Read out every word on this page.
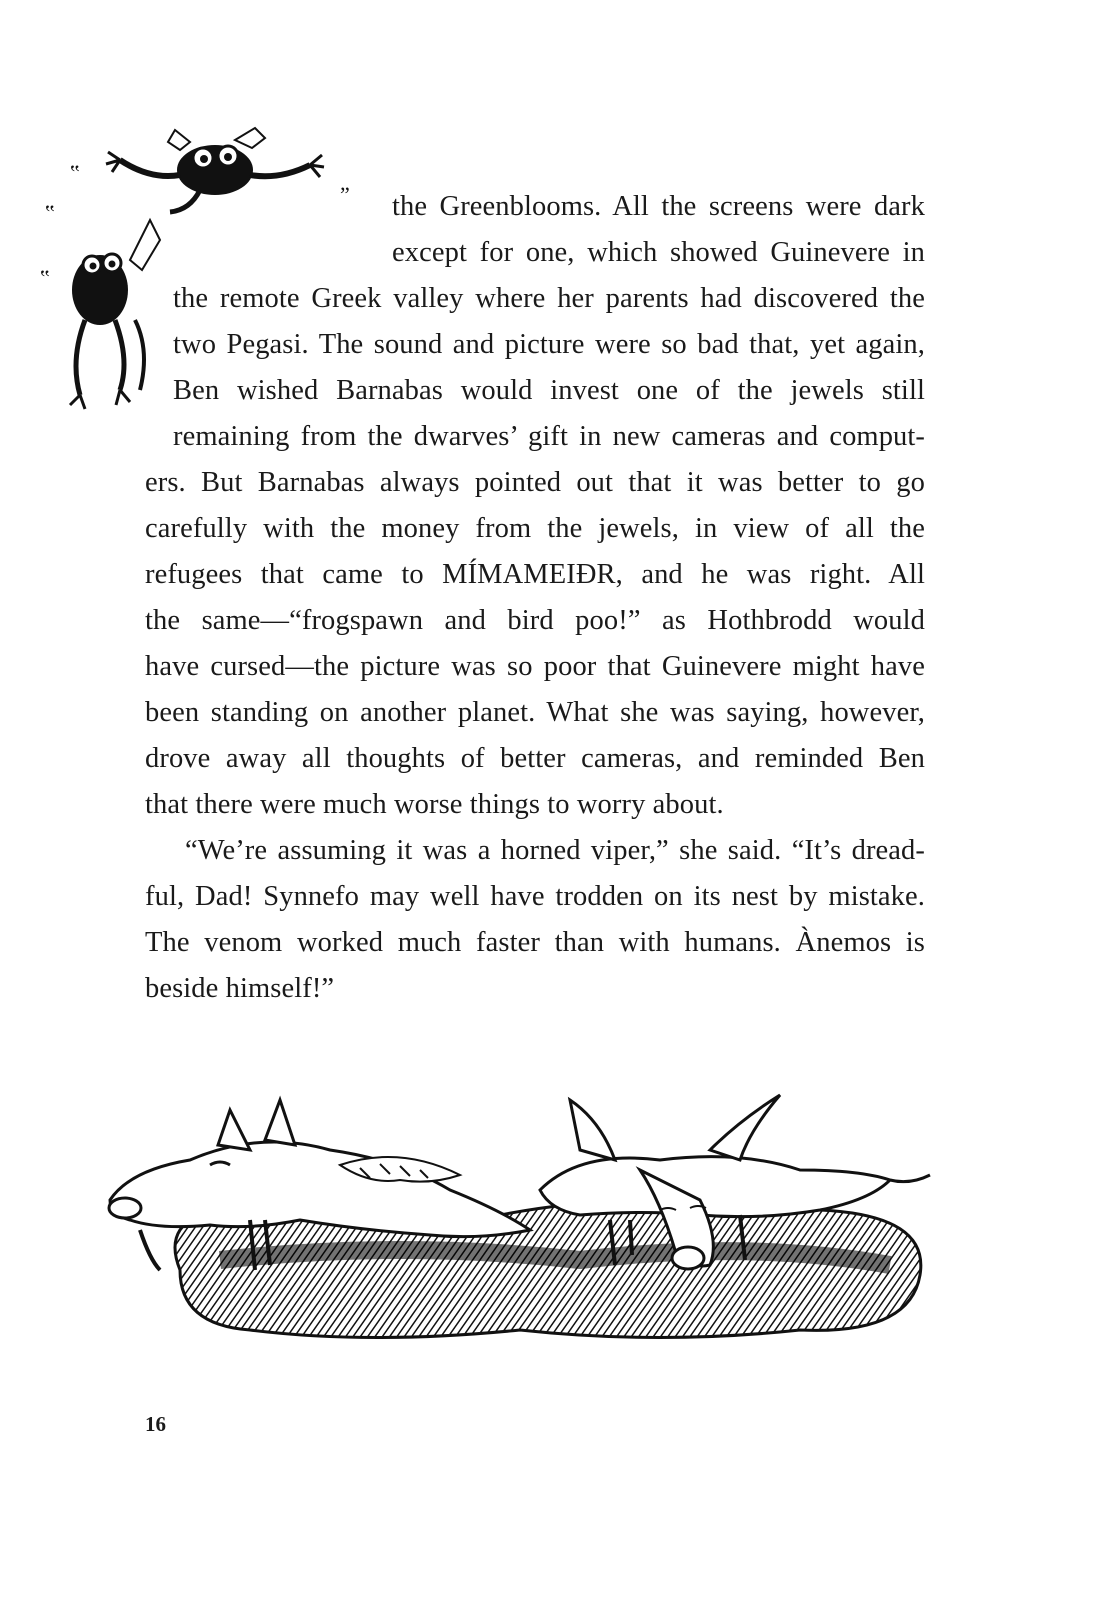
‟	„
‟
‟
the Greenblooms. All the screens were dark
except for one, which showed Guinevere in
the remote Greek valley where her parents had discovered the
two Pegasi. The sound and picture were so bad that, yet again,
Ben wished Barnabas would invest one of the jewels still
remaining from the dwarves’ gift in new cameras and comput-
ers. But Barnabas always pointed out that it was better to go
carefully with the money from the jewels, in view of all the
refugees that came to MÍMAMEIÐR, and he was right. All
the same—“frogspawn and bird poo!” as Hothbrodd would
have cursed—the picture was so poor that Guinevere might have
been standing on another planet. What she was saying, however,
drove away all thoughts of better cameras, and reminded Ben
that there were much worse things to worry about.
“We’re assuming it was a horned viper,” she said. “It’s dread-
ful, Dad! Synnefo may well have trodden on its nest by mistake.
The venom worked much faster than with humans. Ànemos is
beside himself!”
16
